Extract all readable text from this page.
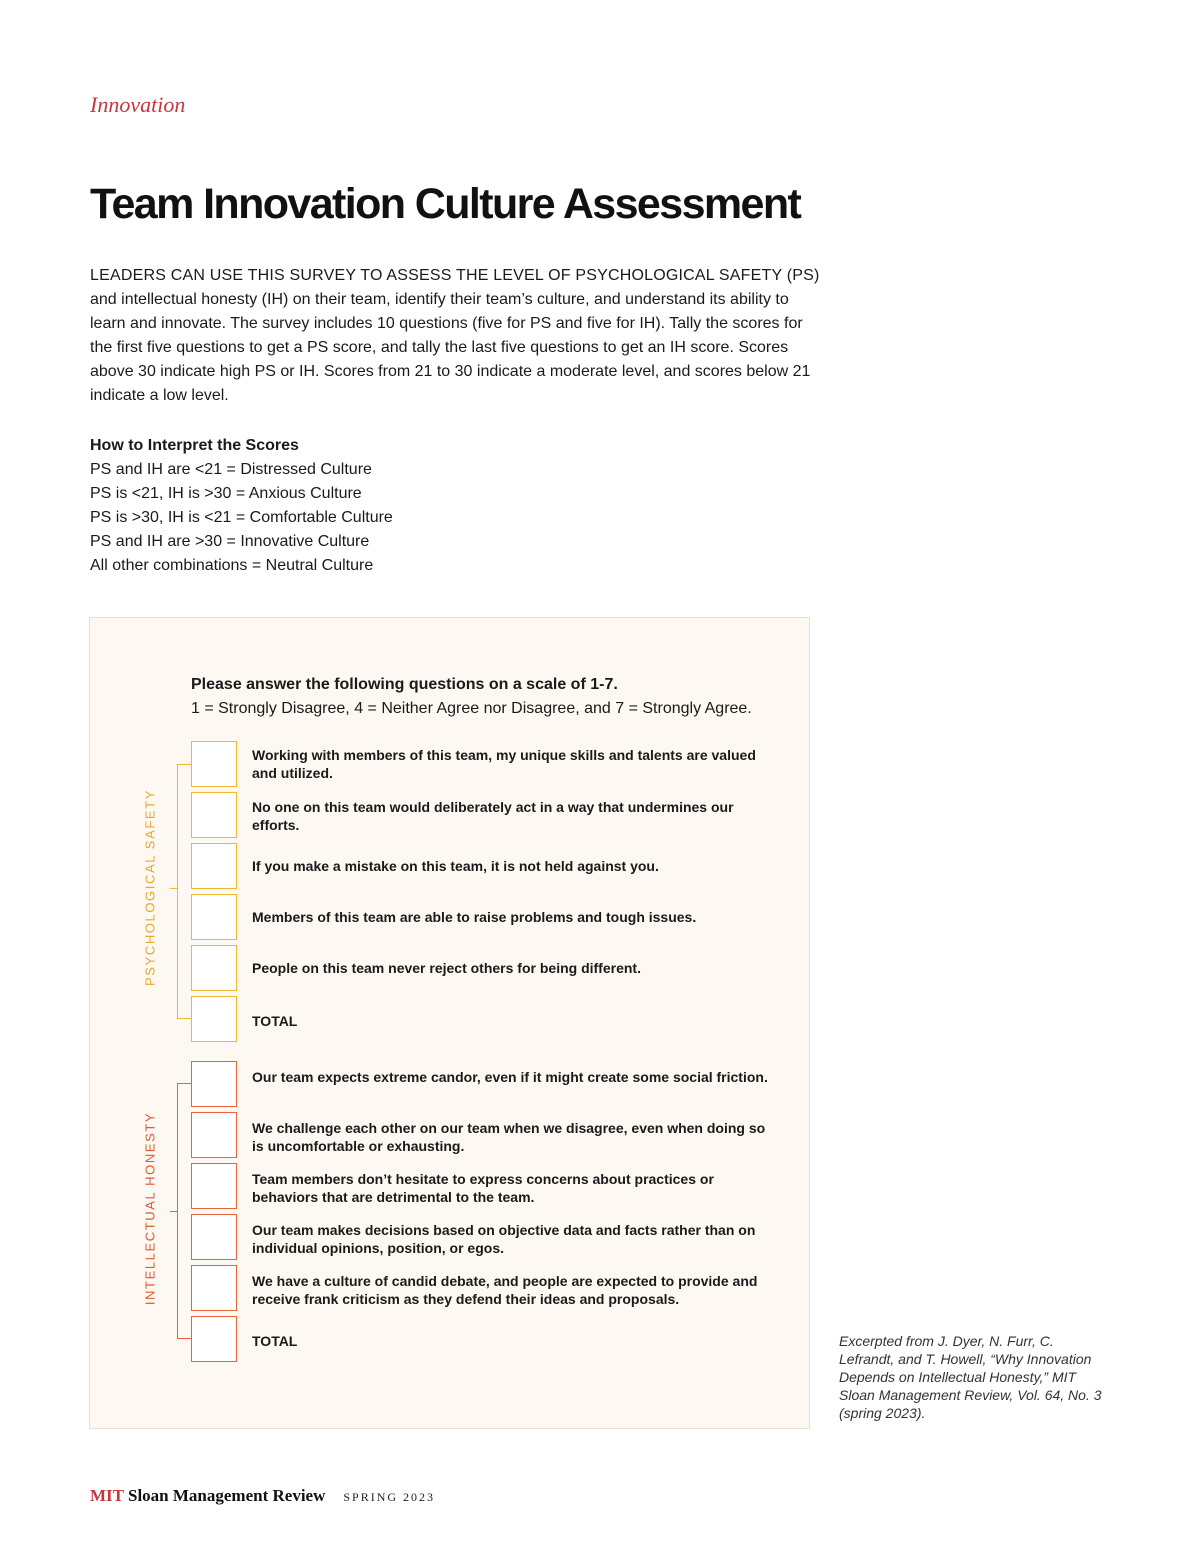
Innovation
Team Innovation Culture Assessment
LEADERS CAN USE THIS SURVEY TO ASSESS THE LEVEL OF PSYCHOLOGICAL SAFETY (PS) and intellectual honesty (IH) on their team, identify their team’s culture, and understand its ability to learn and innovate. The survey includes 10 questions (five for PS and five for IH). Tally the scores for the first five questions to get a PS score, and tally the last five questions to get an IH score. Scores above 30 indicate high PS or IH. Scores from 21 to 30 indicate a moderate level, and scores below 21 indicate a low level.
How to Interpret the Scores
PS and IH are <21 = Distressed Culture
PS is <21, IH is >30 = Anxious Culture
PS is >30, IH is <21 = Comfortable Culture
PS and IH are >30 = Innovative Culture
All other combinations = Neutral Culture
Please answer the following questions on a scale of 1-7.
1 = Strongly Disagree, 4 = Neither Agree nor Disagree, and 7 = Strongly Agree.
PSYCHOLOGICAL SAFETY
Working with members of this team, my unique skills and talents are valued and utilized.
No one on this team would deliberately act in a way that undermines our efforts.
If you make a mistake on this team, it is not held against you.
Members of this team are able to raise problems and tough issues.
People on this team never reject others for being different.
TOTAL
INTELLECTUAL HONESTY
Our team expects extreme candor, even if it might create some social friction.
We challenge each other on our team when we disagree, even when doing so is uncomfortable or exhausting.
Team members don’t hesitate to express concerns about practices or behaviors that are detrimental to the team.
Our team makes decisions based on objective data and facts rather than on individual opinions, position, or egos.
We have a culture of candid debate, and people are expected to provide and receive frank criticism as they defend their ideas and proposals.
TOTAL	Excerpted from J. Dyer, N. Furr, C. Lefrandt, and T. Howell, “Why Innovation Depends on Intellectual Honesty,” MIT Sloan Management Review, Vol. 64, No. 3 (spring 2023).
MIT Sloan Management Review SPRING 2023
